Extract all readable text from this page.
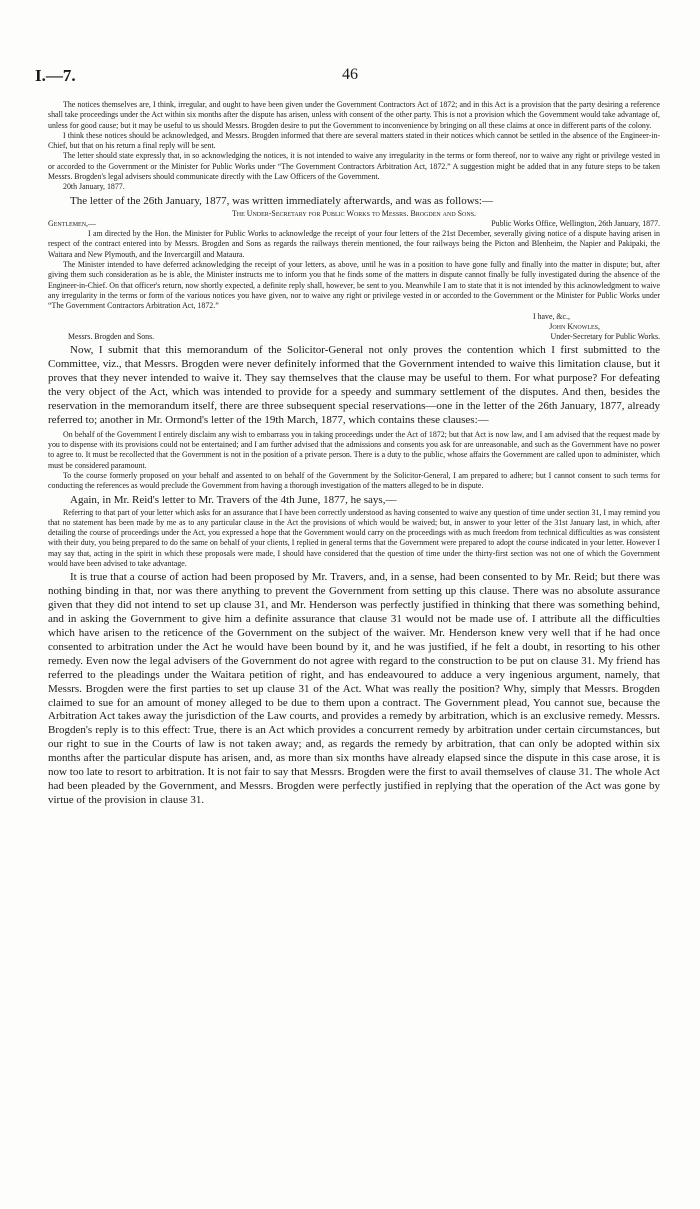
I.—7.	46

The notices themselves are, I think, irregular, and ought to have been given under the Government Contractors Act of 1872; and in this Act is a provision that the party desiring a reference shall take proceedings under the Act within six months after the dispute has arisen, unless with consent of the other party. This is not a provision which the Government would take advantage of, unless for good cause; but it may be useful to us should Messrs. Brogden desire to put the Government to inconvenience by bringing on all these claims at once in different parts of the colony.

I think these notices should be acknowledged, and Messrs. Brogden informed that there are several matters stated in their notices which cannot be settled in the absence of the Engineer-in-Chief, but that on his return a final reply will be sent.

The letter should state expressly that, in so acknowledging the notices, it is not intended to waive any irregularity in the terms or form thereof, nor to waive any right or privilege vested in or accorded to the Government or the Minister for Public Works under “The Government Contractors Arbitration Act, 1872.” A suggestion might be added that in any future steps to be taken Messrs. Brogden's legal advisers should communicate directly with the Law Officers of the Government.

20th January, 1877.

The letter of the 26th January, 1877, was written immediately afterwards, and was as follows:—

The Under-Secretary for Public Works to Messrs. Brogden and Sons.

Gentlemen,—	Public Works Office, Wellington, 26th January, 1877.

I am directed by the Hon. the Minister for Public Works to acknowledge the receipt of your four letters of the 21st December, severally giving notice of a dispute having arisen in respect of the contract entered into by Messrs. Brogden and Sons as regards the railways therein mentioned, the four railways being the Picton and Blenheim, the Napier and Pakipaki, the Waitara and New Plymouth, and the Invercargill and Mataura.

The Minister intended to have deferred acknowledging the receipt of your letters, as above, until he was in a position to have gone fully and finally into the matter in dispute; but, after giving them such consideration as he is able, the Minister instructs me to inform you that he finds some of the matters in dispute cannot finally be fully investigated during the absence of the Engineer-in-Chief. On that officer's return, now shortly expected, a definite reply shall, however, be sent to you. Meanwhile I am to state that it is not intended by this acknowledgment to waive any irregularity in the terms or form of the various notices you have given, nor to waive any right or privilege vested in or accorded to the Government or the Minister for Public Works under “The Government Contractors Arbitration Act, 1872.”

I have, &c.,

John Knowles,

Messrs. Brogden and Sons.	Under-Secretary for Public Works.

Now, I submit that this memorandum of the Solicitor-General not only proves the contention which I first submitted to the Committee, viz., that Messrs. Brogden were never definitely informed that the Government intended to waive this limitation clause, but it proves that they never intended to waive it. They say themselves that the clause may be useful to them. For what purpose? For defeating the very object of the Act, which was intended to provide for a speedy and summary settlement of the disputes. And then, besides the reservation in the memorandum itself, there are three subsequent special reservations—one in the letter of the 26th January, 1877, already referred to; another in Mr. Ormond's letter of the 19th March, 1877, which contains these clauses:—

On behalf of the Government I entirely disclaim any wish to embarrass you in taking proceedings under the Act of 1872; but that Act is now law, and I am advised that the request made by you to dispense with its provisions could not be entertained; and I am further advised that the admissions and consents you ask for are unreasonable, and such as the Government have no power to agree to. It must be recollected that the Government is not in the position of a private person. There is a duty to the public, whose affairs the Government are called upon to administer, which must be considered paramount.

To the course formerly proposed on your behalf and assented to on behalf of the Government by the Solicitor-General, I am prepared to adhere; but I cannot consent to such terms for conducting the references as would preclude the Government from having a thorough investigation of the matters alleged to be in dispute.

Again, in Mr. Reid's letter to Mr. Travers of the 4th June, 1877, he says,—

Referring to that part of your letter which asks for an assurance that I have been correctly understood as having consented to waive any question of time under section 31, I may remind you that no statement has been made by me as to any particular clause in the Act the provisions of which would be waived; but, in answer to your letter of the 31st January last, in which, after detailing the course of proceedings under the Act, you expressed a hope that the Government would carry on the proceedings with as much freedom from technical difficulties as was consistent with their duty, you being prepared to do the same on behalf of your clients, I replied in general terms that the Government were prepared to adopt the course indicated in your letter. However I may say that, acting in the spirit in which these proposals were made, I should have considered that the question of time under the thirty-first section was not one of which the Government would have been advised to take advantage.

It is true that a course of action had been proposed by Mr. Travers, and, in a sense, had been consented to by Mr. Reid; but there was nothing binding in that, nor was there anything to prevent the Government from setting up this clause. There was no absolute assurance given that they did not intend to set up clause 31, and Mr. Henderson was perfectly justified in thinking that there was something behind, and in asking the Government to give him a definite assurance that clause 31 would not be made use of. I attribute all the difficulties which have arisen to the reticence of the Government on the subject of the waiver. Mr. Henderson knew very well that if he had once consented to arbitration under the Act he would have been bound by it, and he was justified, if he felt a doubt, in resorting to his other remedy. Even now the legal advisers of the Government do not agree with regard to the construction to be put on clause 31. My friend has referred to the pleadings under the Waitara petition of right, and has endeavoured to adduce a very ingenious argument, namely, that Messrs. Brogden were the first parties to set up clause 31 of the Act. What was really the position? Why, simply that Messrs. Brogden claimed to sue for an amount of money alleged to be due to them upon a contract. The Government plead, You cannot sue, because the Arbitration Act takes away the jurisdiction of the Law courts, and provides a remedy by arbitration, which is an exclusive remedy. Messrs. Brogden's reply is to this effect: True, there is an Act which provides a concurrent remedy by arbitration under certain circumstances, but our right to sue in the Courts of law is not taken away; and, as regards the remedy by arbitration, that can only be adopted within six months after the particular dispute has arisen, and, as more than six months have already elapsed since the dispute in this case arose, it is now too late to resort to arbitration. It is not fair to say that Messrs. Brogden were the first to avail themselves of clause 31. The whole Act had been pleaded by the Government, and Messrs. Brogden were perfectly justified in replying that the operation of the Act was gone by virtue of the provision in clause 31.
